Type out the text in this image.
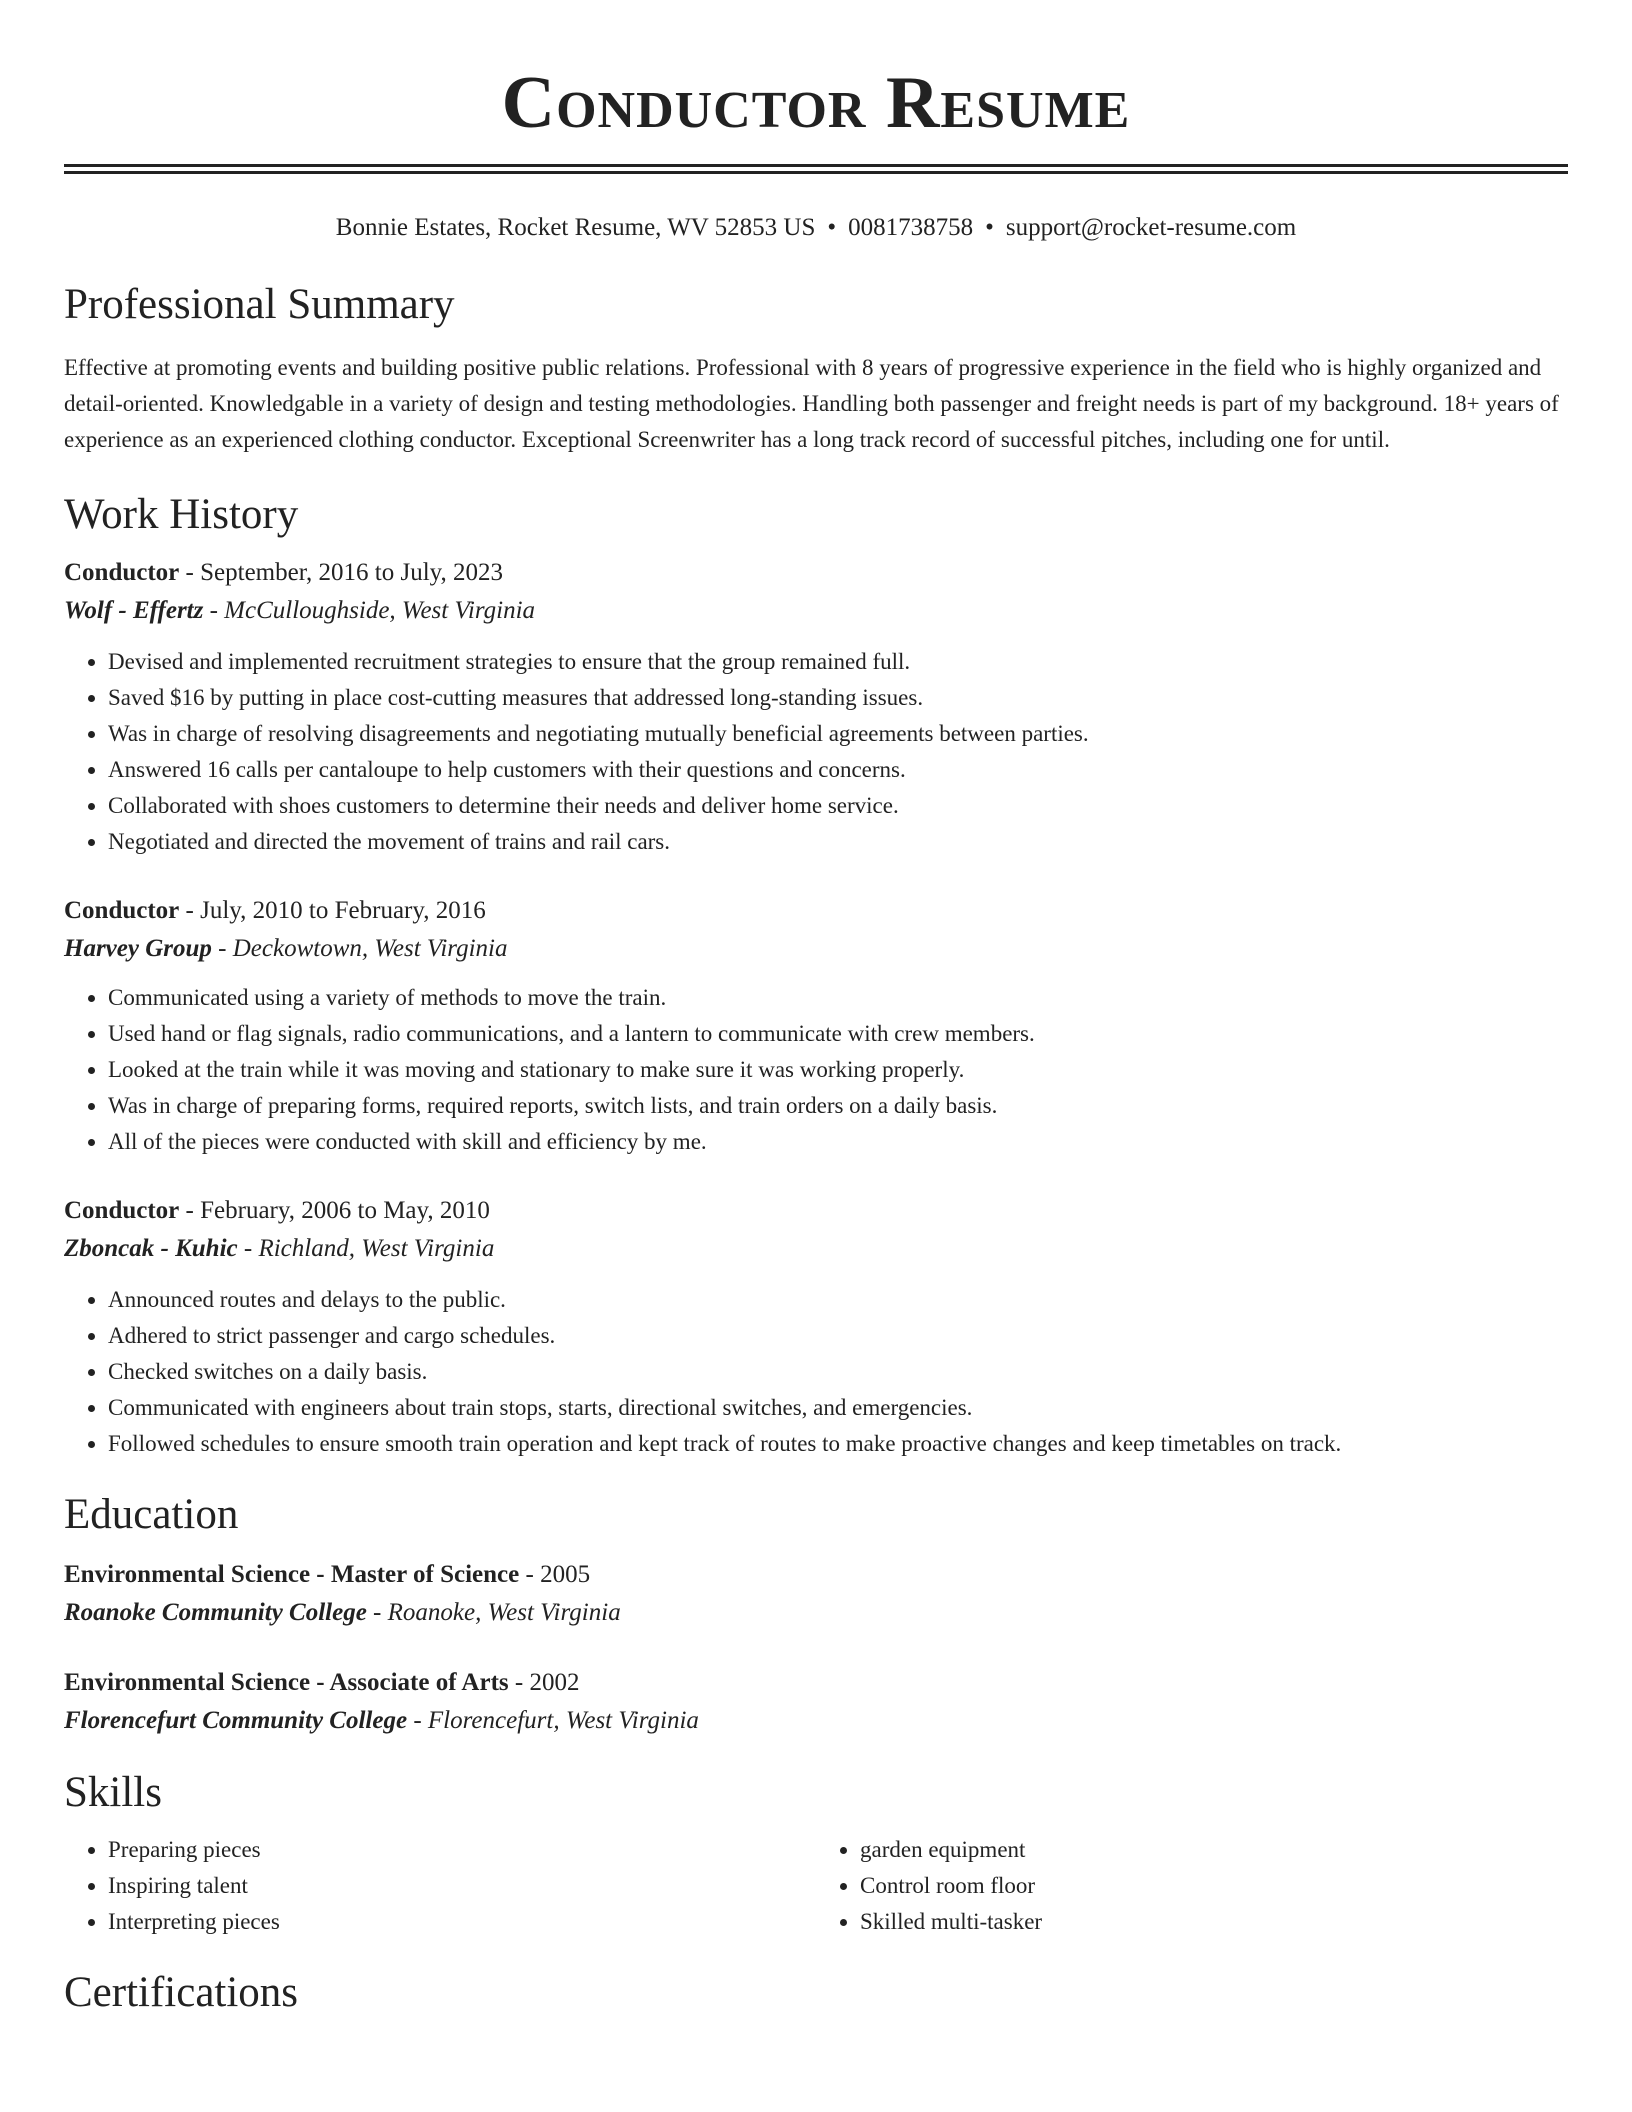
Conductor Resume
Bonnie Estates, Rocket Resume, WV 52853 US • 0081738758 • support@rocket-resume.com
Professional Summary

Effective at promoting events and building positive public relations. Professional with 8 years of progressive experience in the field who is highly organized and detail-oriented. Knowledgable in a variety of design and testing methodologies. Handling both passenger and freight needs is part of my background. 18+ years of experience as an experienced clothing conductor. Exceptional Screenwriter has a long track record of successful pitches, including one for until.

Work History
Conductor - September, 2016 to July, 2023
Wolf - Effertz - McCulloughside, West Virginia
• Devised and implemented recruitment strategies to ensure that the group remained full.
• Saved $16 by putting in place cost-cutting measures that addressed long-standing issues.
• Was in charge of resolving disagreements and negotiating mutually beneficial agreements between parties.
• Answered 16 calls per cantaloupe to help customers with their questions and concerns.
• Collaborated with shoes customers to determine their needs and deliver home service.
• Negotiated and directed the movement of trains and rail cars.
Conductor - July, 2010 to February, 2016
Harvey Group - Deckowtown, West Virginia
• Communicated using a variety of methods to move the train.
• Used hand or flag signals, radio communications, and a lantern to communicate with crew members.
• Looked at the train while it was moving and stationary to make sure it was working properly.
• Was in charge of preparing forms, required reports, switch lists, and train orders on a daily basis.
• All of the pieces were conducted with skill and efficiency by me.
Conductor - February, 2006 to May, 2010
Zboncak - Kuhic - Richland, West Virginia
• Announced routes and delays to the public.
• Adhered to strict passenger and cargo schedules.
• Checked switches on a daily basis.
• Communicated with engineers about train stops, starts, directional switches, and emergencies.
• Followed schedules to ensure smooth train operation and kept track of routes to make proactive changes and keep timetables on track.
Education
Environmental Science - Master of Science - 2005
Roanoke Community College - Roanoke, West Virginia
Environmental Science - Associate of Arts - 2002
Florencefurt Community College - Florencefurt, West Virginia
Skills
• Preparing pieces
• Inspiring talent
• Interpreting pieces
• garden equipment
• Control room floor
• Skilled multi-tasker
Certifications
